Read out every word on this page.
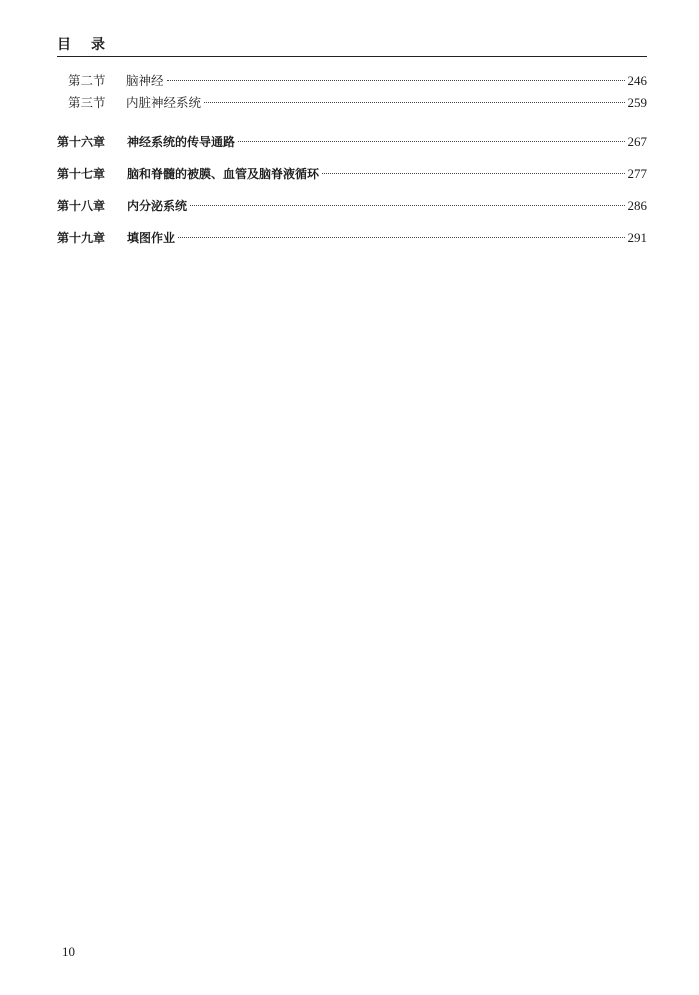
目录
第二节	脑神经	246
第三节	内脏神经系统	259
第十六章	神经系统的传导通路	267
第十七章	脑和脊髓的被膜、血管及脑脊液循环	277
第十八章	内分泌系统	286
第十九章	填图作业	291
10
